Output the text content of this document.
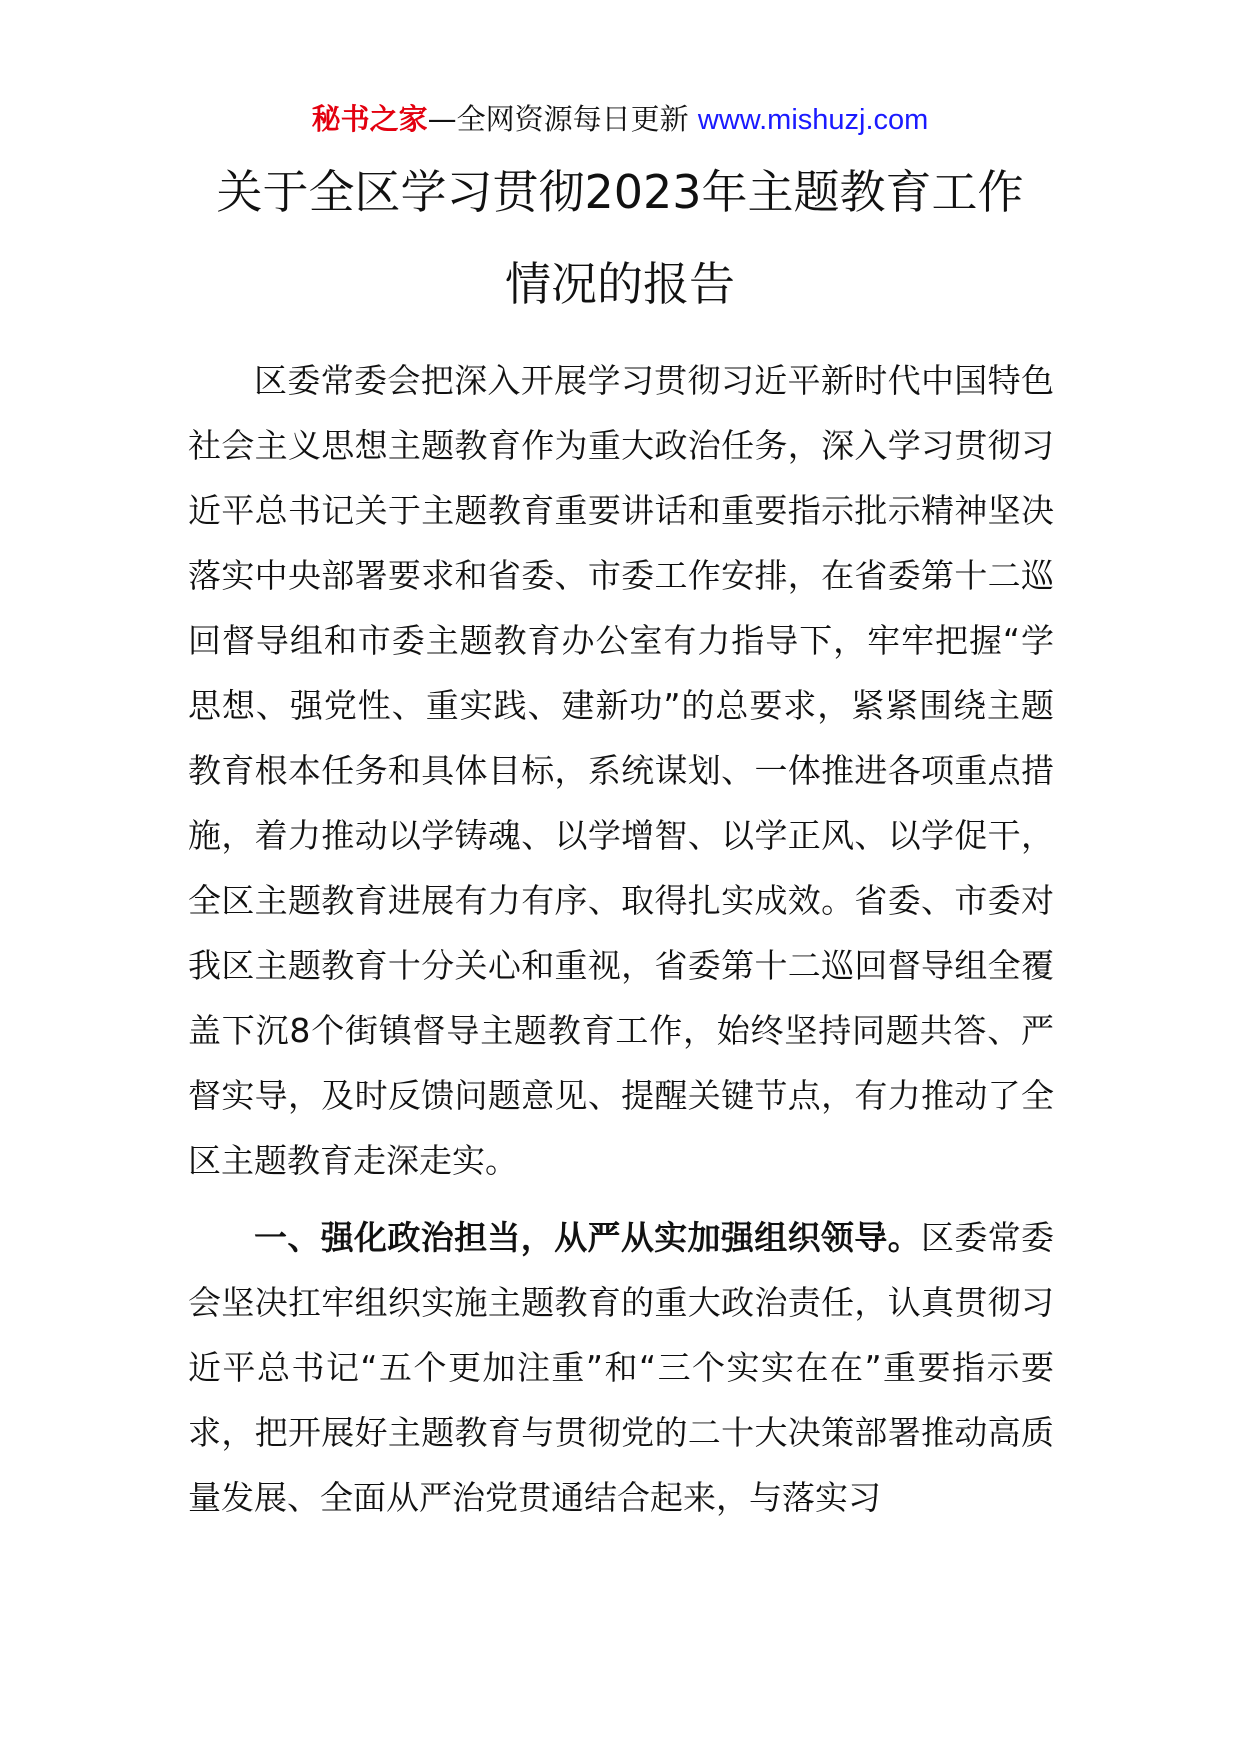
秘书之家—全网资源每日更新 www.mishuzj.com
关于全区学习贯彻2023年主题教育工作
情况的报告

区委常委会把深入开展学习贯彻习近平新时代中国特色社会主义思想主题教育作为重大政治任务，深入学习贯彻习近平总书记关于主题教育重要讲话和重要指示批示精神坚决落实中央部署要求和省委、市委工作安排，在省委第十二巡回督导组和市委主题教育办公室有力指导下，牢牢把握“学思想、强党性、重实践、建新功”的总要求，紧紧围绕主题教育根本任务和具体目标，系统谋划、一体推进各项重点措施，着力推动以学铸魂、以学增智、以学正风、以学促干，全区主题教育进展有力有序、取得扎实成效。省委、市委对我区主题教育十分关心和重视，省委第十二巡回督导组全覆盖下沉8个街镇督导主题教育工作，始终坚持同题共答、严督实导，及时反馈问题意见、提醒关键节点，有力推动了全区主题教育走深走实。

一、强化政治担当，从严从实加强组织领导。区委常委会坚决扛牢组织实施主题教育的重大政治责任，认真贯彻习近平总书记“五个更加注重”和“三个实实在在”重要指示要求，把开展好主题教育与贯彻党的二十大决策部署推动高质量发展、全面从严治党贯通结合起来，与落实习
